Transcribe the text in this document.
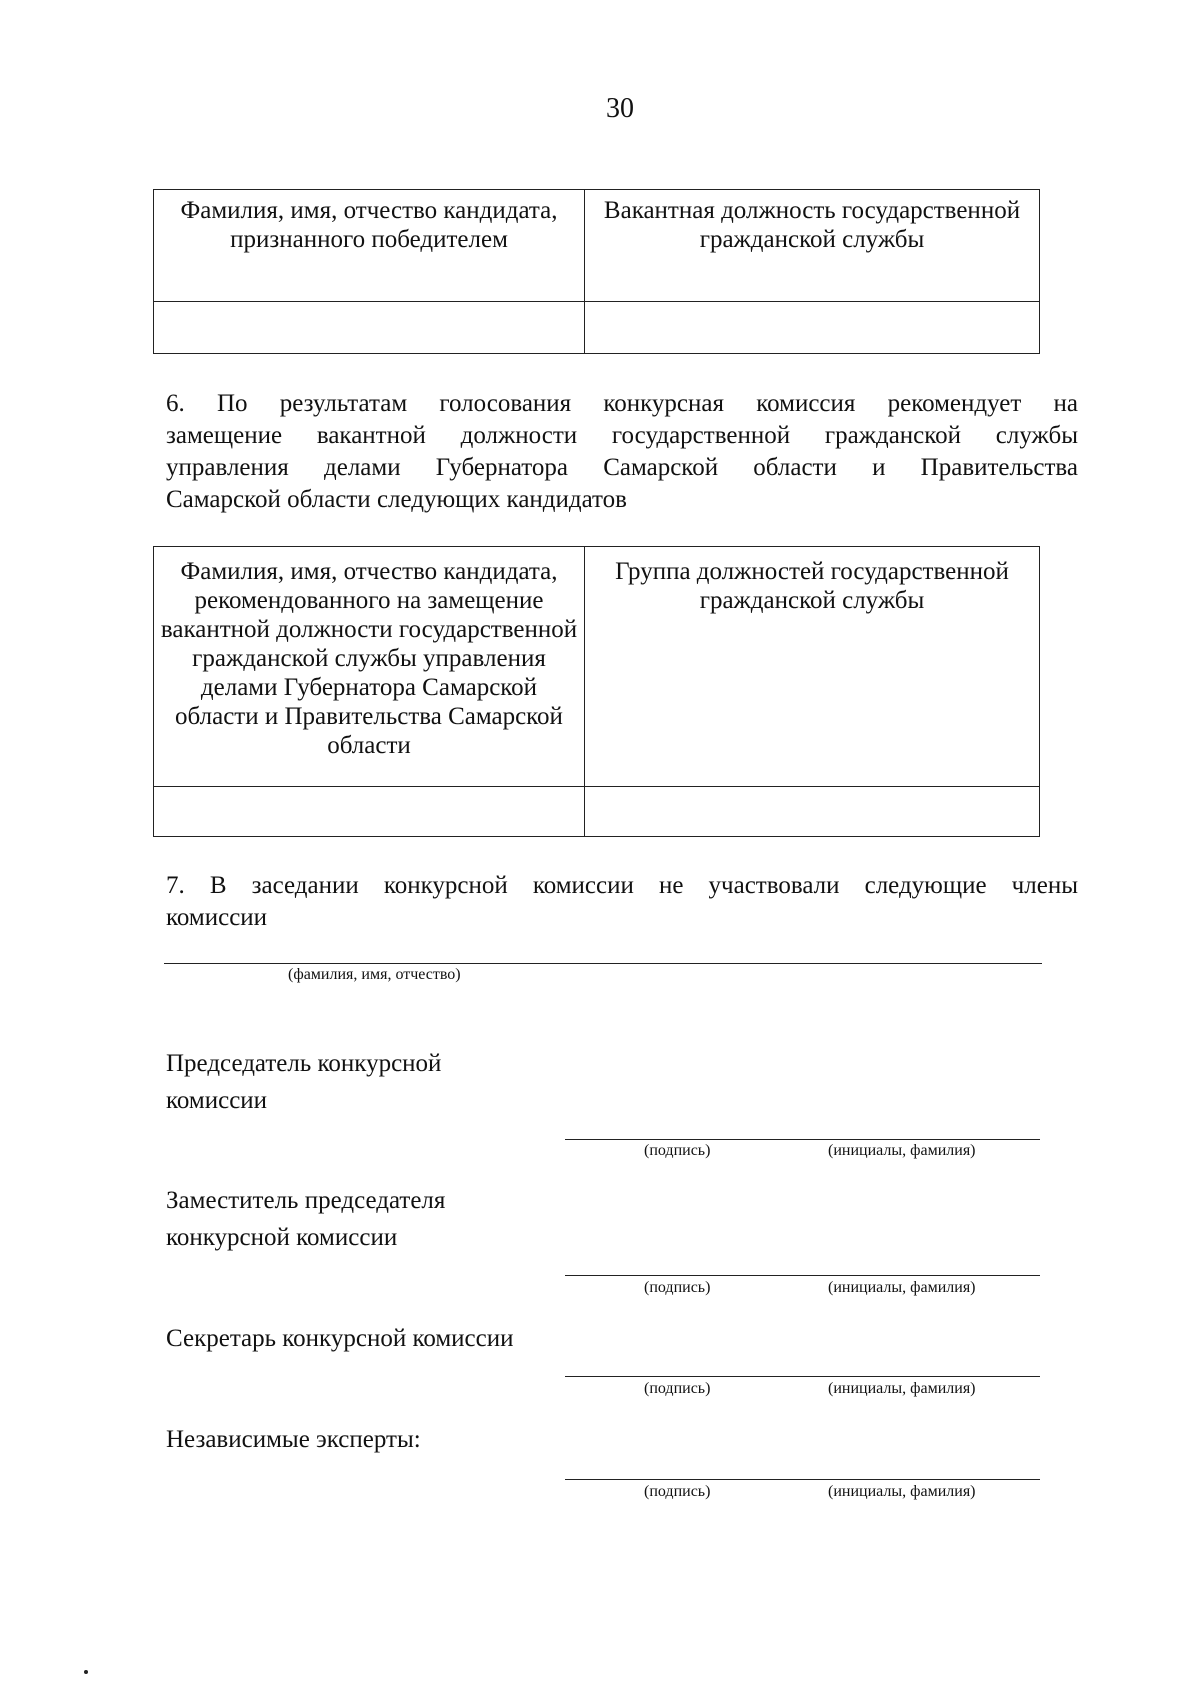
30
Фамилия, имя, отчество кандидата, признанного победителем	Вакантная должность государственной гражданской службы

6. По результатам голосования конкурсная комиссия рекомендует на
замещение вакантной должности государственной гражданской службы
управления делами Губернатора Самарской области и Правительства
Самарской области следующих кандидатов
Фамилия, имя, отчество кандидата, рекомендованного на замещение вакантной должности государственной гражданской службы управления делами Губернатора Самарской области и Правительства Самарской области	Группа должностей государственной гражданской службы

7. В заседании конкурсной комиссии не участвовали следующие члены
комиссии
(фамилия, имя, отчество)
Председатель конкурсной
комиссии
(подпись)	(инициалы, фамилия)
Заместитель председателя
конкурсной комиссии
(подпись)	(инициалы, фамилия)
Секретарь конкурсной комиссии
(подпись)	(инициалы, фамилия)
Независимые эксперты:
(подпись)	(инициалы, фамилия)
